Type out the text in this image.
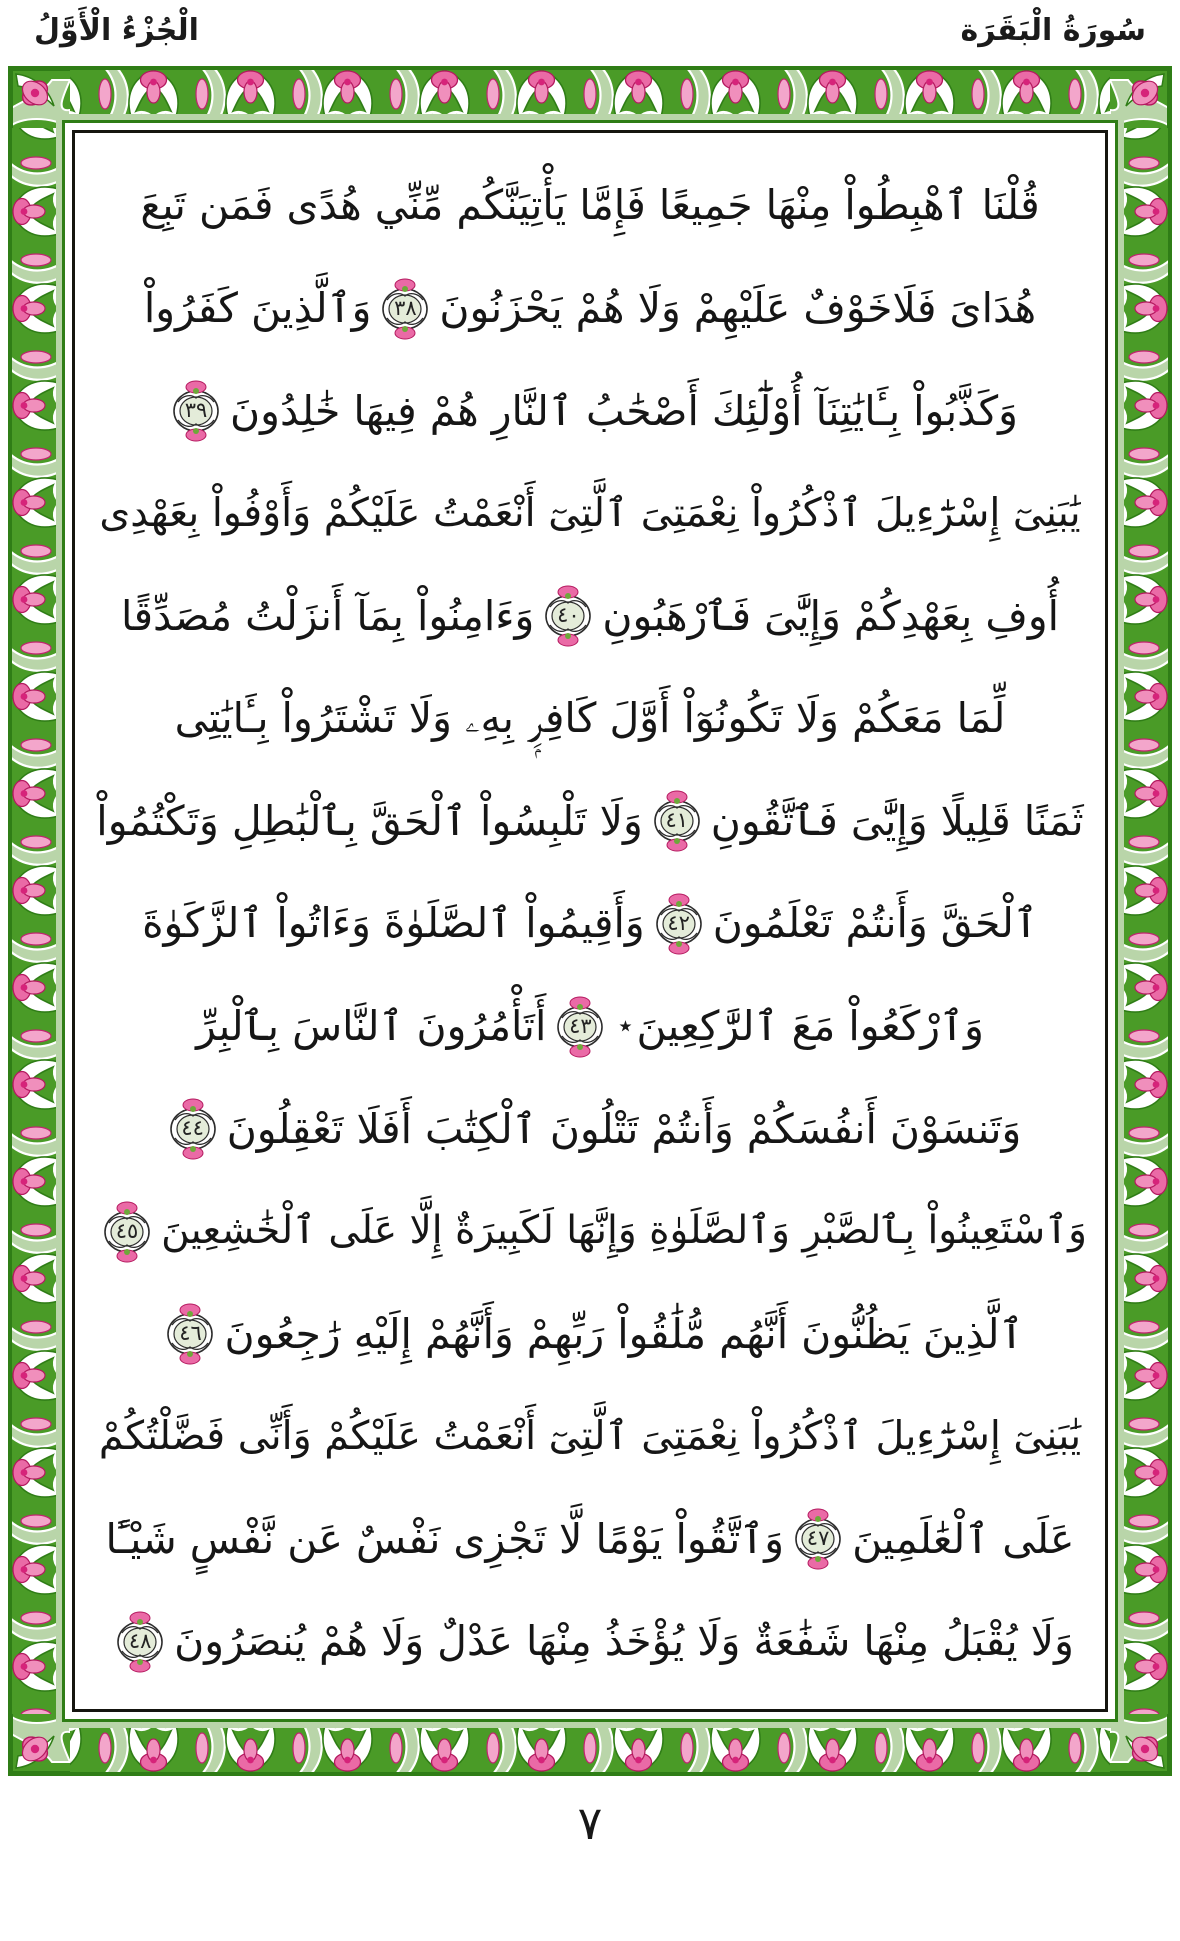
سُورَةُ الْبَقَرَة
الْجُزْءُ الْأَوَّلُ
قُلْنَا ٱهْبِطُواْ مِنْهَا جَمِيعًا فَإِمَّا يَأْتِيَنَّكُم مِّنِّي هُدًى فَمَن تَبِعَ
هُدَاىَ فَلَاخَوْفٌ عَلَيْهِمْ وَلَا هُمْ يَحْزَنُونَ
٣٨
وَٱلَّذِينَ كَفَرُواْ
وَكَذَّبُواْ بِـَٔايَٰتِنَآ أُوْلَٰٓئِكَ أَصْحَٰبُ ٱلنَّارِ هُمْ فِيهَا خَٰلِدُونَ
٣٩
يَٰبَنِىٓ إِسْرَٰٓءِيلَ ٱذْكُرُواْ نِعْمَتِىَ ٱلَّتِىٓ أَنْعَمْتُ عَلَيْكُمْ وَأَوْفُواْ بِعَهْدِى
أُوفِ بِعَهْدِكُمْ وَإِيَّٰىَ فَٱرْهَبُونِ
٤٠
وَءَامِنُواْ بِمَآ أَنزَلْتُ مُصَدِّقًا
لِّمَا مَعَكُمْ وَلَا تَكُونُوٓاْ أَوَّلَ كَافِرِۭ بِهِۦ وَلَا تَشْتَرُواْ بِـَٔايَٰتِى
ثَمَنًا قَلِيلًا وَإِيَّٰىَ فَٱتَّقُونِ
٤١
وَلَا تَلْبِسُواْ ٱلْحَقَّ بِٱلْبَٰطِلِ وَتَكْتُمُواْ
ٱلْحَقَّ وَأَنتُمْ تَعْلَمُونَ
٤٢
وَأَقِيمُواْ ٱلصَّلَوٰةَ وَءَاتُواْ ٱلزَّكَوٰةَ
وَٱرْكَعُواْ مَعَ ٱلرَّٰكِعِينَ
٭
٤٣
أَتَأْمُرُونَ ٱلنَّاسَ بِٱلْبِرِّ
وَتَنسَوْنَ أَنفُسَكُمْ وَأَنتُمْ تَتْلُونَ ٱلْكِتَٰبَ أَفَلَا تَعْقِلُونَ
٤٤
وَٱسْتَعِينُواْ بِٱلصَّبْرِ وَٱلصَّلَوٰةِ وَإِنَّهَا لَكَبِيرَةٌ إِلَّا عَلَى ٱلْخَٰشِعِينَ
٤٥
ٱلَّذِينَ يَظُنُّونَ أَنَّهُم مُّلَٰقُواْ رَبِّهِمْ وَأَنَّهُمْ إِلَيْهِ رَٰجِعُونَ
٤٦
يَٰبَنِىٓ إِسْرَٰٓءِيلَ ٱذْكُرُواْ نِعْمَتِىَ ٱلَّتِىٓ أَنْعَمْتُ عَلَيْكُمْ وَأَنِّى فَضَّلْتُكُمْ
عَلَى ٱلْعَٰلَمِينَ
٤٧
وَٱتَّقُواْ يَوْمًا لَّا تَجْزِى نَفْسٌ عَن نَّفْسٍ شَيْـًٔا
وَلَا يُقْبَلُ مِنْهَا شَفَٰعَةٌ وَلَا يُؤْخَذُ مِنْهَا عَدْلٌ وَلَا هُمْ يُنصَرُونَ
٤٨
٧
